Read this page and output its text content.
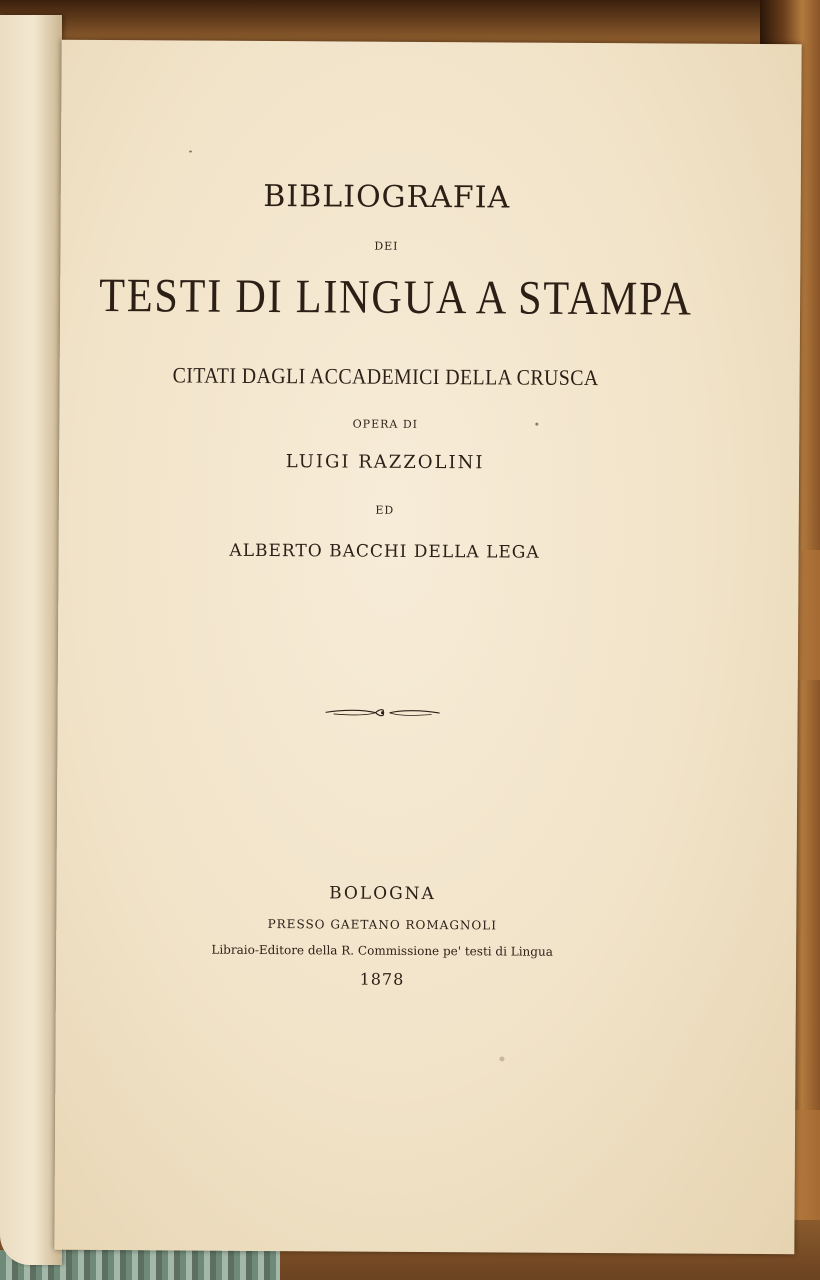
BIBLIOGRAFIA

DEI

TESTI DI LINGUA A STAMPA

CITATI DAGLI ACCADEMICI DELLA CRUSCA

OPERA DI

LUIGI RAZZOLINI

ED

ALBERTO BACCHI DELLA LEGA

BOLOGNA

PRESSO GAETANO ROMAGNOLI

Libraio-Editore della R. Commissione pe' testi di Lingua

1878
